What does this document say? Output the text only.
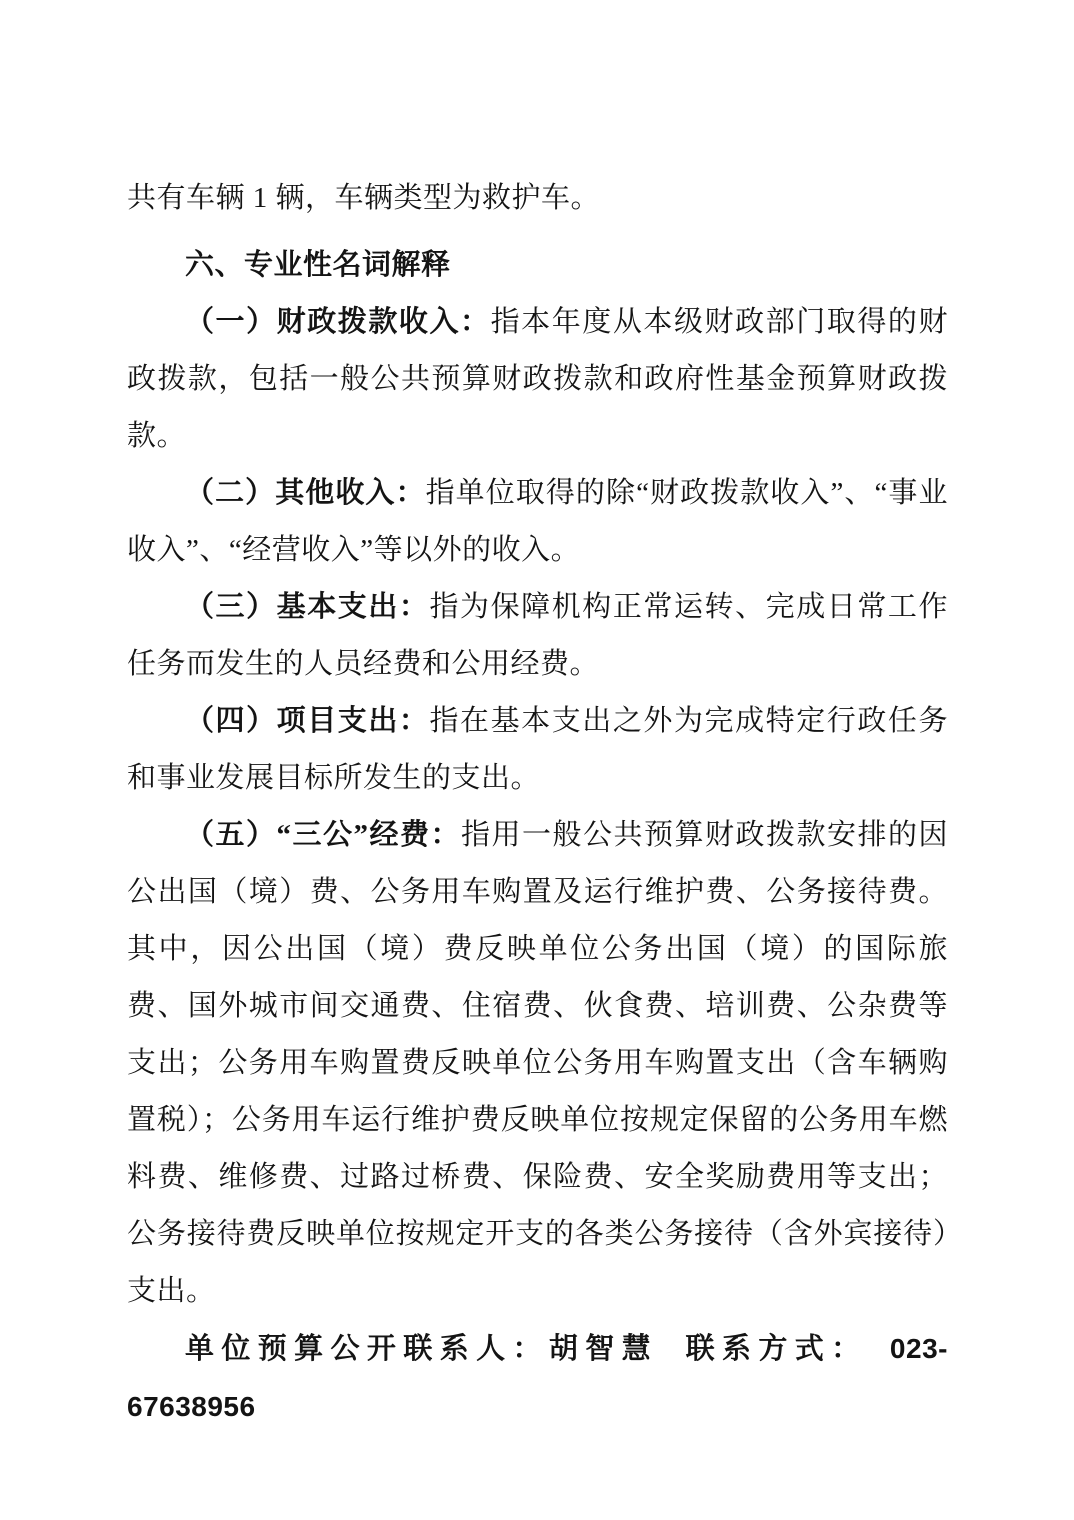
共有车辆 1 辆，车辆类型为救护车。

六、专业性名词解释

（一）财政拨款收入：指本年度从本级财政部门取得的财政拨款，包括一般公共预算财政拨款和政府性基金预算财政拨款。

（二）其他收入：指单位取得的除“财政拨款收入”、“事业收入”、“经营收入”等以外的收入。

（三）基本支出：指为保障机构正常运转、完成日常工作任务而发生的人员经费和公用经费。

（四）项目支出：指在基本支出之外为完成特定行政任务和事业发展目标所发生的支出。

（五）“三公”经费：指用一般公共预算财政拨款安排的因公出国（境）费、公务用车购置及运行维护费、公务接待费。其中，因公出国（境）费反映单位公务出国（境）的国际旅费、国外城市间交通费、住宿费、伙食费、培训费、公杂费等支出；公务用车购置费反映单位公务用车购置支出（含车辆购置税）；公务用车运行维护费反映单位按规定保留的公务用车燃料费、维修费、过路过桥费、保险费、安全奖励费用等支出；公务接待费反映单位按规定开支的各类公务接待（含外宾接待）支出。

单位预算公开联系人：胡智慧 联系方式： 023-67638956
